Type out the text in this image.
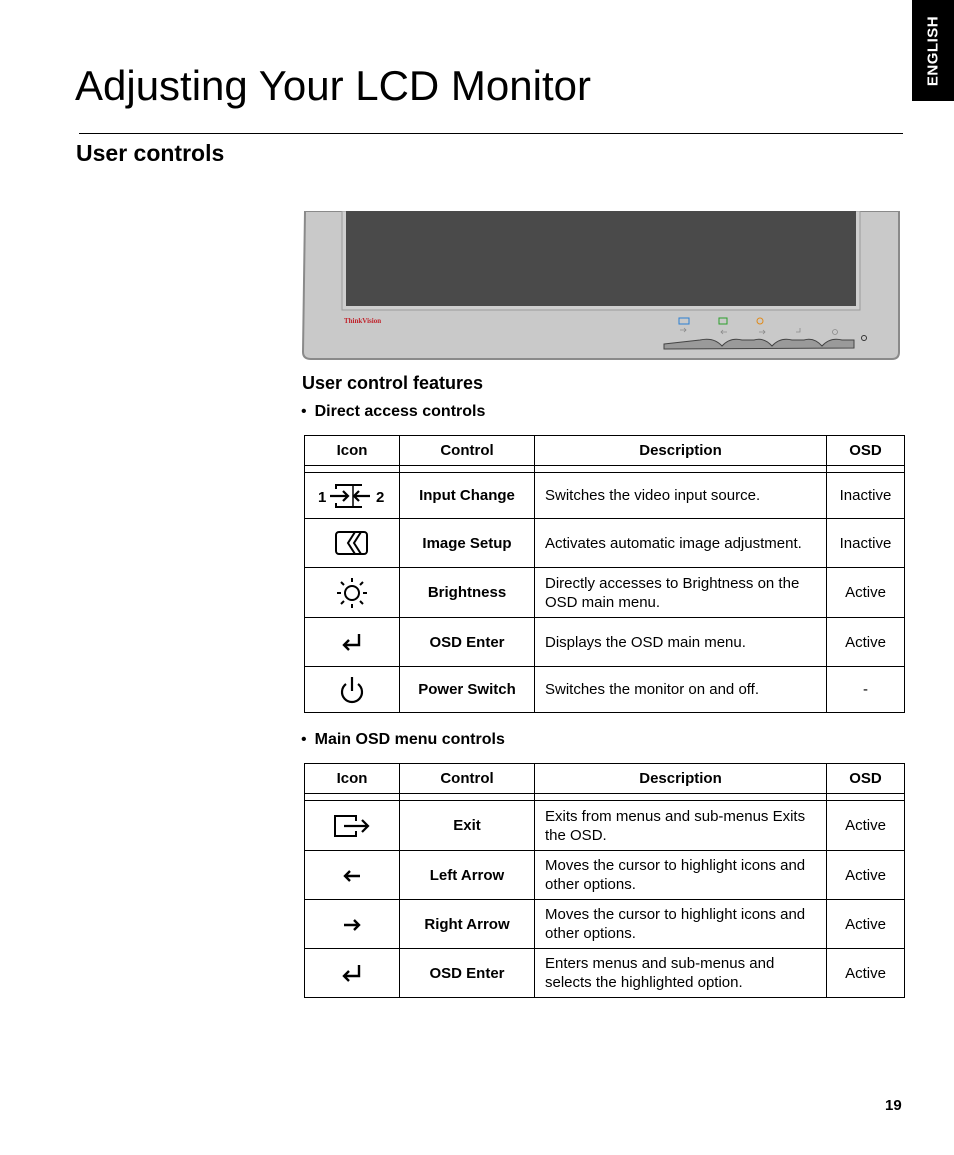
ENGLISH
Adjusting Your LCD Monitor
User controls
ThinkVision
User control features
• Direct access controls
Icon	Control	Description	OSD

1 2	Input Change	Switches the video input source.	Inactive
	Image Setup	Activates automatic image adjustment.	Inactive
	Brightness	Directly accesses to Brightness on the OSD main menu.	Active
	OSD Enter	Displays the OSD main menu.	Active
	Power Switch	Switches the monitor on and off.	-
• Main OSD menu controls
Icon	Control	Description	OSD

	Exit	Exits from menus and sub-menus Exits the OSD.	Active
	Left Arrow	Moves the cursor to highlight icons and other options.	Active
	Right Arrow	Moves the cursor to highlight icons and other options.	Active
	OSD Enter	Enters menus and sub-menus and selects the highlighted option.	Active
19
